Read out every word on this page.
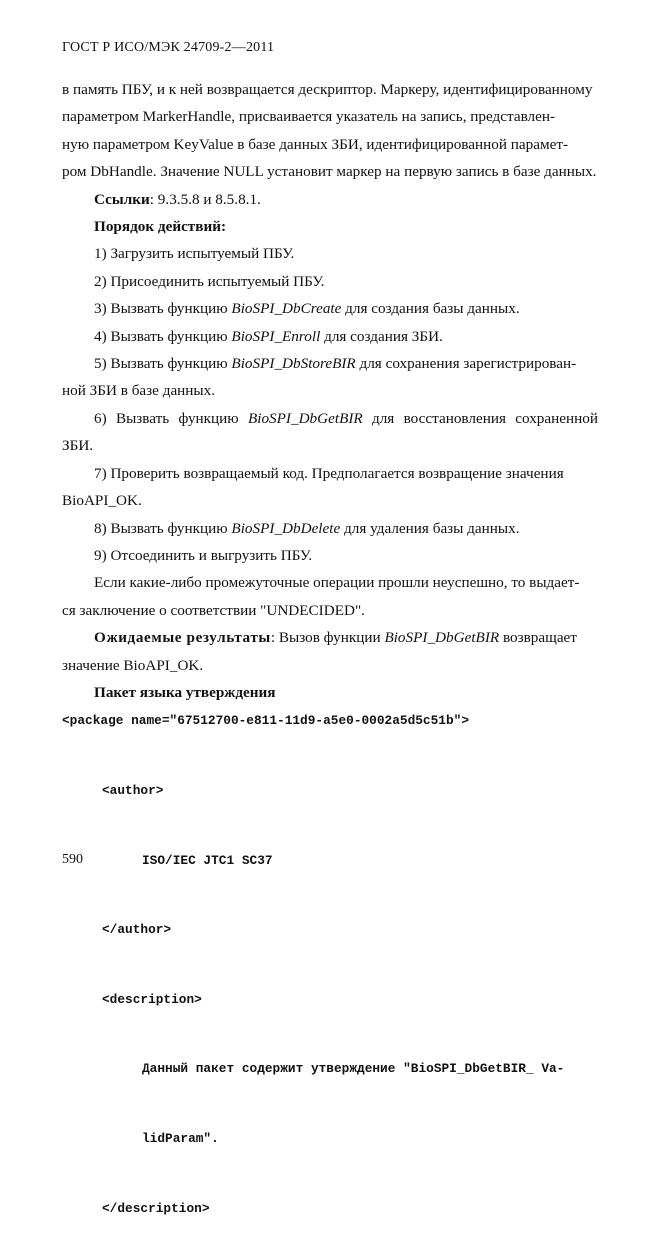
ГОСТ Р ИСО/МЭК 24709-2—2011

в память ПБУ, и к ней возвращается дескриптор. Маркеру, идентифицированному

параметром MarkerHandle, присваивается указатель на запись, представлен-

ную параметром KeyValue в базе данных ЗБИ, идентифицированной парамет-

ром DbHandle. Значение NULL установит маркер на первую запись в базе данных.

Ссылки: 9.3.5.8 и 8.5.8.1.

Порядок действий:

1) Загрузить испытуемый ПБУ.

2) Присоединить испытуемый ПБУ.

3) Вызвать функцию BioSPI_DbCreate для создания базы данных.

4) Вызвать функцию BioSPI_Enroll для создания ЗБИ.

5) Вызвать функцию BioSPI_DbStoreBIR для сохранения зарегистрирован-

ной ЗБИ в базе данных.

6) Вызвать функцию BioSPI_DbGetBIR для восстановления сохраненной ЗБИ.

7) Проверить возвращаемый код. Предполагается возвращение значения

BioAPI_OK.

8) Вызвать функцию BioSPI_DbDelete для удаления базы данных.

9) Отсоединить и выгрузить ПБУ.

Если какие-либо промежуточные операции прошли неуспешно, то выдает-

ся заключение о соответствии "UNDECIDED".

Ожидаемые результаты: Вызов функции BioSPI_DbGetBIR возвращает

значение BioAPI_OK.

Пакет языка утверждения

<package name="67512700-e811-11d9-a5e0-0002a5d5c51b">

<author>

ISO/IEC JTC1 SC37

</author>

<description>

Данный пакет содержит утверждение "BioSPI_DbGetBIR_ Va-

lidParam".

</description>

590
